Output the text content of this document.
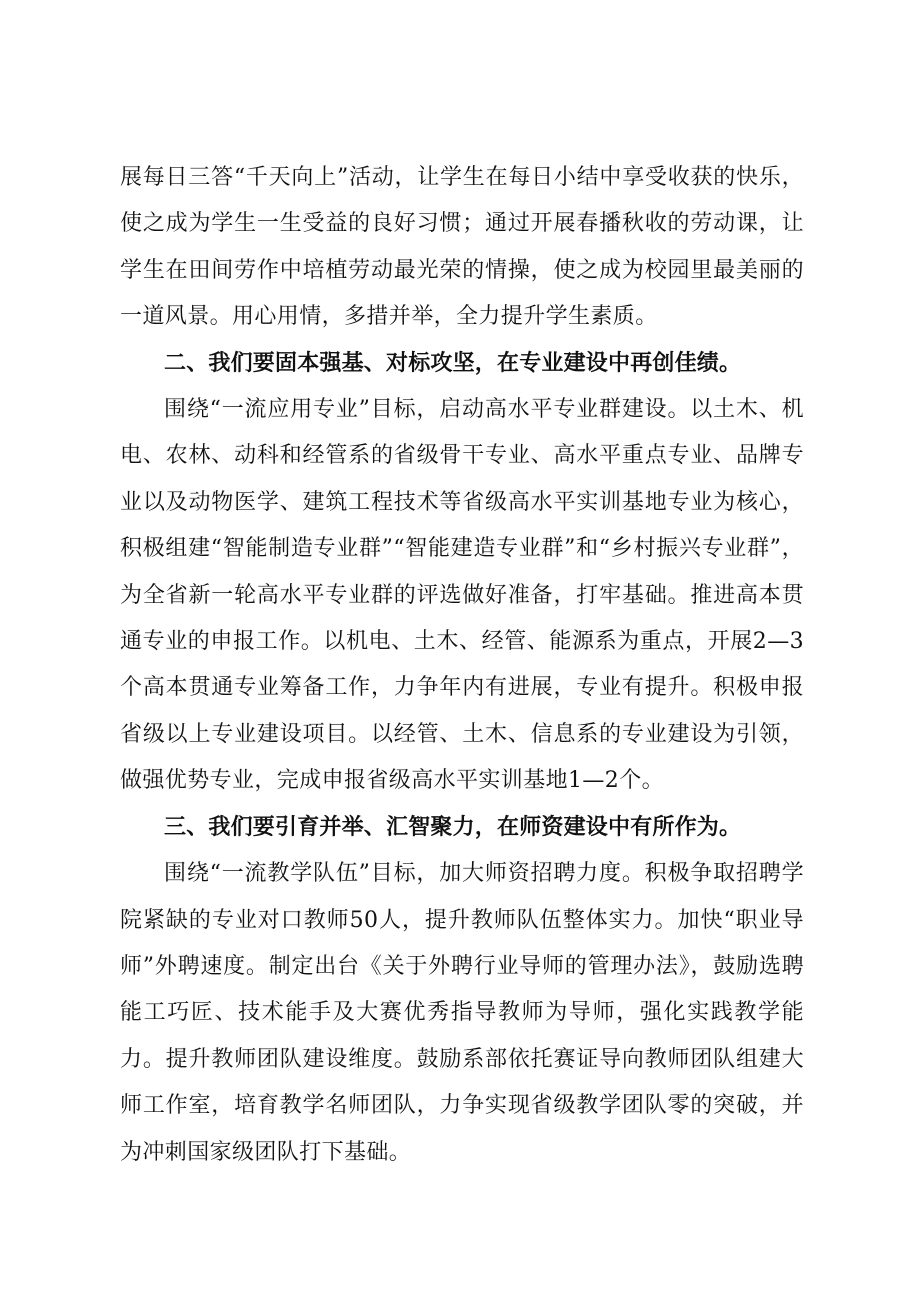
展每日三答“千天向上”活动，让学生在每日小结中享受收获的快乐，使之成为学生一生受益的良好习惯；通过开展春播秋收的劳动课，让学生在田间劳作中培植劳动最光荣的情操，使之成为校园里最美丽的一道风景。用心用情，多措并举，全力提升学生素质。

二、我们要固本强基、对标攻坚，在专业建设中再创佳绩。

围绕“一流应用专业”目标，启动高水平专业群建设。以土木、机电、农林、动科和经管系的省级骨干专业、高水平重点专业、品牌专业以及动物医学、建筑工程技术等省级高水平实训基地专业为核心，积极组建“智能制造专业群”“智能建造专业群”和“乡村振兴专业群”，为全省新一轮高水平专业群的评选做好准备，打牢基础。推进高本贯通专业的申报工作。以机电、土木、经管、能源系为重点，开展2—3个高本贯通专业筹备工作，力争年内有进展，专业有提升。积极申报省级以上专业建设项目。以经管、土木、信息系的专业建设为引领，做强优势专业，完成申报省级高水平实训基地1—2个。

三、我们要引育并举、汇智聚力，在师资建设中有所作为。

围绕“一流教学队伍”目标，加大师资招聘力度。积极争取招聘学院紧缺的专业对口教师50人，提升教师队伍整体实力。加快“职业导师”外聘速度。制定出台《关于外聘行业导师的管理办法》，鼓励选聘能工巧匠、技术能手及大赛优秀指导教师为导师，强化实践教学能力。提升教师团队建设维度。鼓励系部依托赛证导向教师团队组建大师工作室，培育教学名师团队，力争实现省级教学团队零的突破，并为冲刺国家级团队打下基础。
